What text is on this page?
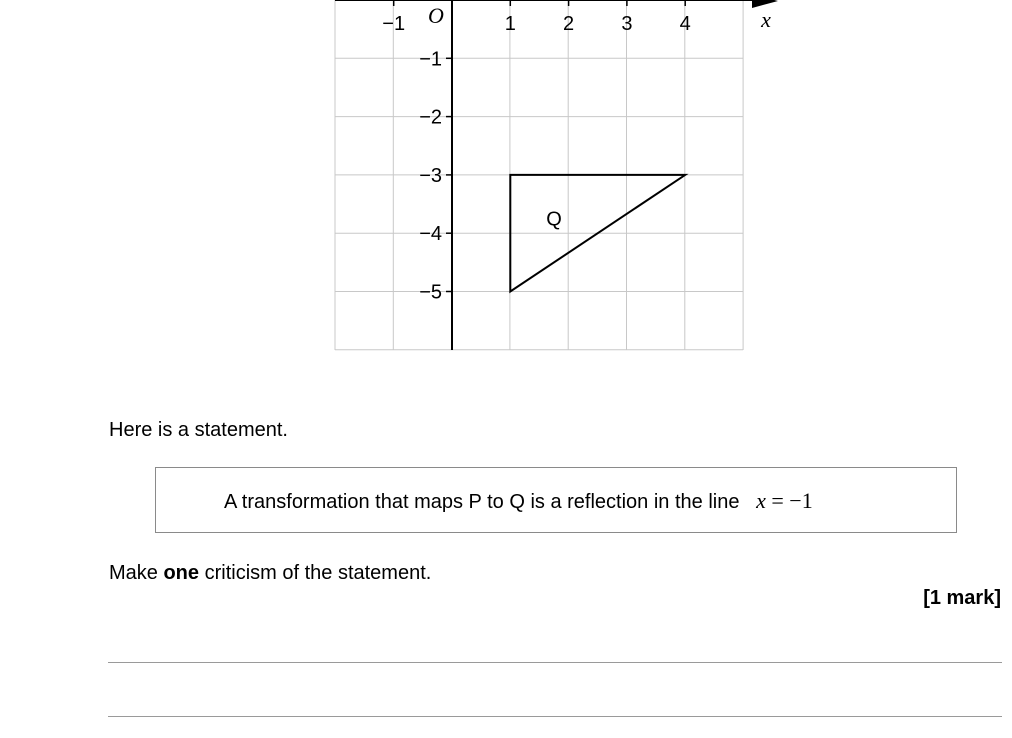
−1	1 2 3 4
−1
−2
−3
−4
−5
Q
O	x
Here is a statement.
A transformation that maps P to Q is a reflection in the line x = −1
Make one criticism of the statement.
[1 mark]
